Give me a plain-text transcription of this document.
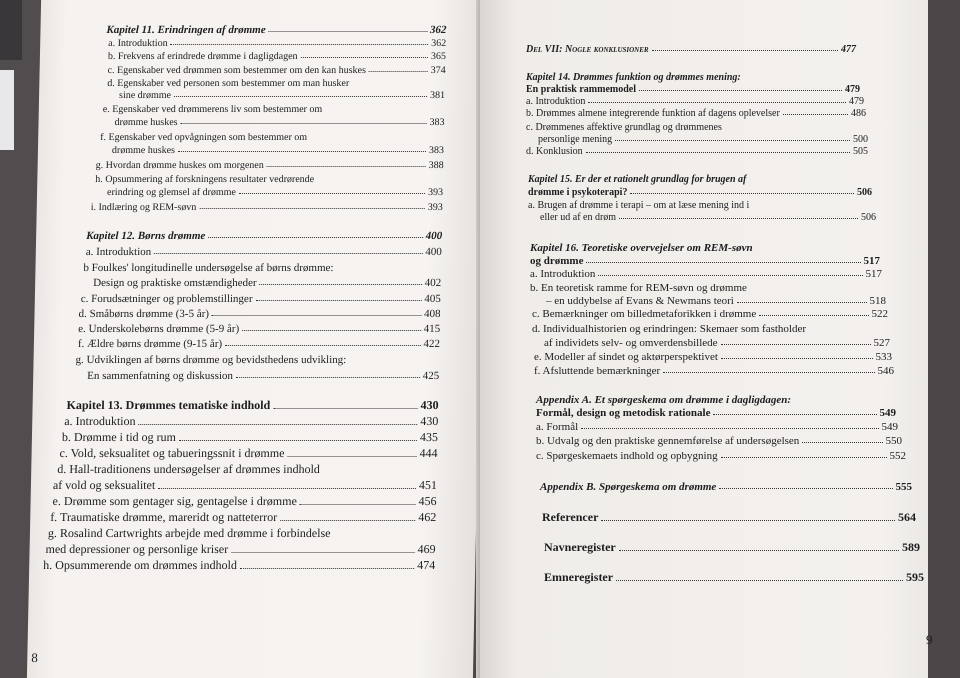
Kapitel 11. Erindringen af drømme	362
a. Introduktion	362
b. Frekvens af erindrede drømme i dagligdagen	365
c. Egenskaber ved drømmen som bestemmer om den kan huskes	374
d. Egenskaber ved personen som bestemmer om man husker
sine drømme	381
e. Egenskaber ved drømmerens liv som bestemmer om
drømme huskes	383
f. Egenskaber ved opvågningen som bestemmer om
drømme huskes	383
g. Hvordan drømme huskes om morgenen	388
h. Opsummering af forskningens resultater vedrørende
erindring og glemsel af drømme	393
i. Indlæring og REM-søvn	393
Kapitel 12. Børns drømme	400
a. Introduktion	400
b Foulkes' longitudinelle undersøgelse af børns drømme:
Design og praktiske omstændigheder	402
c. Forudsætninger og problemstillinger	405
d. Småbørns drømme (3-5 år)	408
e. Underskolebørns drømme (5-9 år)	415
f. Ældre børns drømme (9-15 år)	422
g. Udviklingen af børns drømme og bevidsthedens udvikling:
En sammenfatning og diskussion	425
Kapitel 13. Drømmes tematiske indhold	430
a. Introduktion	430
b. Drømme i tid og rum	435
c. Vold, seksualitet og tabueringssnit i drømme	444
d. Hall-traditionens undersøgelser af drømmes indhold
af vold og seksualitet	451
e. Drømme som gentager sig, gentagelse i drømme	456
f. Traumatiske drømme, mareridt og natteterror	462
g. Rosalind Cartwrights arbejde med drømme i forbindelse
med depressioner og personlige kriser	469
h. Opsummerende om drømmes indhold	474
8
Del VII: Nogle konklusioner	477
Kapitel 14. Drømmes funktion og drømmes mening:
En praktisk rammemodel	479
a. Introduktion	479
b. Drømmes almene integrerende funktion af dagens oplevelser	486
c. Drømmenes affektive grundlag og drømmenes
personlige mening	500
d. Konklusion	505
Kapitel 15. Er der et rationelt grundlag for brugen af
drømme i psykoterapi?	506
a. Brugen af drømme i terapi – om at læse mening ind i
eller ud af en drøm	506
Kapitel 16. Teoretiske overvejelser om REM-søvn
og drømme	517
a. Introduktion	517
b. En teoretisk ramme for REM-søvn og drømme
– en uddybelse af Evans & Newmans teori	518
c. Bemærkninger om billedmetaforikken i drømme	522
d. Individualhistorien og erindringen: Skemaer som fastholder
af individets selv- og omverdensbillede	527
e. Modeller af sindet og aktørperspektivet	533
f. Afsluttende bemærkninger	546
Appendix A. Et spørgeskema om drømme i dagligdagen:
Formål, design og metodisk rationale	549
a. Formål	549
b. Udvalg og den praktiske gennemførelse af undersøgelsen	550
c. Spørgeskemaets indhold og opbygning	552
Appendix B. Spørgeskema om drømme	555
Referencer	564
Navneregister	589
Emneregister	595
9
